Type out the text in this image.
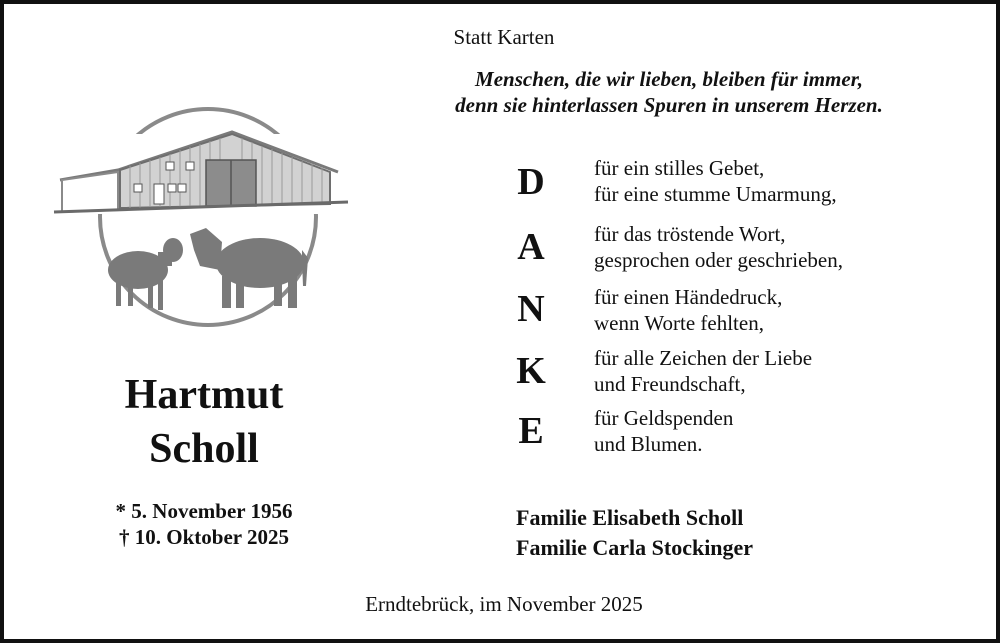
Statt Karten
Menschen, die wir lieben, bleiben für immer,
denn sie hinterlassen Spuren in unserem Herzen.
Hartmut
Scholl
* 5. November 1956
† 10. Oktober 2025
D
A
N
K
E
für ein stilles Gebet,
für eine stumme Umarmung,
für das tröstende Wort,
gesprochen oder geschrieben,
für einen Händedruck,
wenn Worte fehlten,
für alle Zeichen der Liebe
und Freundschaft,
für Geldspenden
und Blumen.
Familie Elisabeth Scholl
Familie Carla Stockinger
Erndtebrück, im November 2025
